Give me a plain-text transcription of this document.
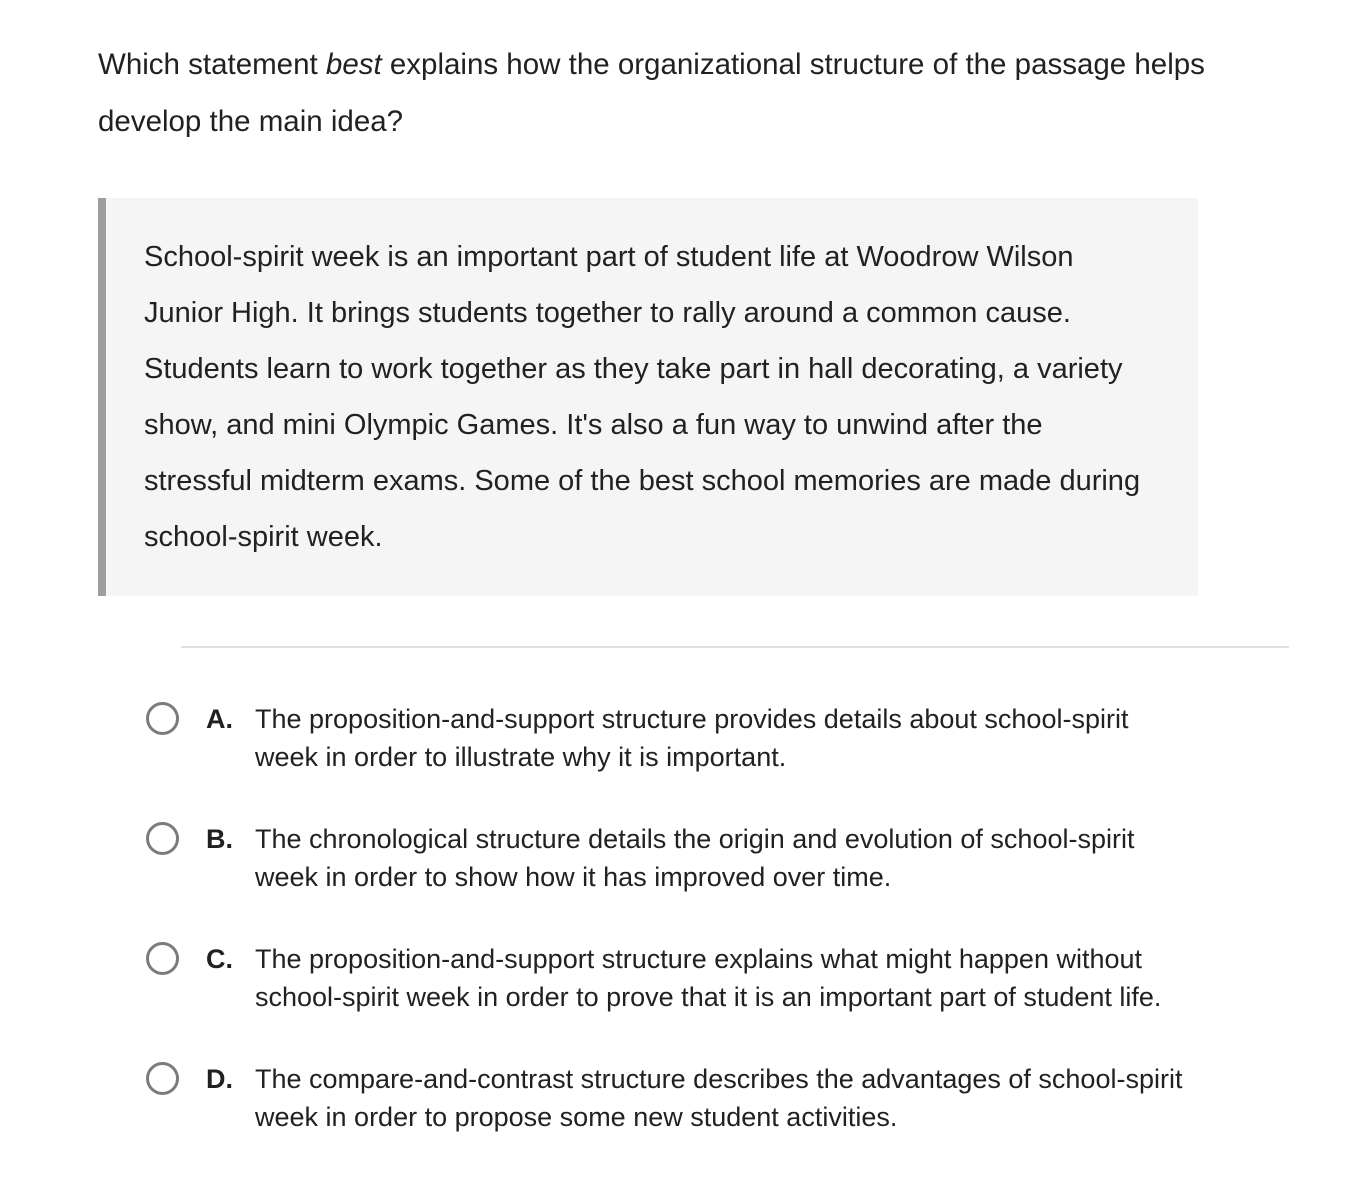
Which statement best explains how the organizational structure of the passage helps develop the main idea?

School-spirit week is an important part of student life at Woodrow Wilson Junior High. It brings students together to rally around a common cause. Students learn to work together as they take part in hall decorating, a variety show, and mini Olympic Games. It's also a fun way to unwind after the stressful midterm exams. Some of the best school memories are made during school-spirit week.

A. The proposition-and-support structure provides details about school-spirit week in order to illustrate why it is important.
B. The chronological structure details the origin and evolution of school-spirit week in order to show how it has improved over time.
C. The proposition-and-support structure explains what might happen without school-spirit week in order to prove that it is an important part of student life.
D. The compare-and-contrast structure describes the advantages of school-spirit week in order to propose some new student activities.
